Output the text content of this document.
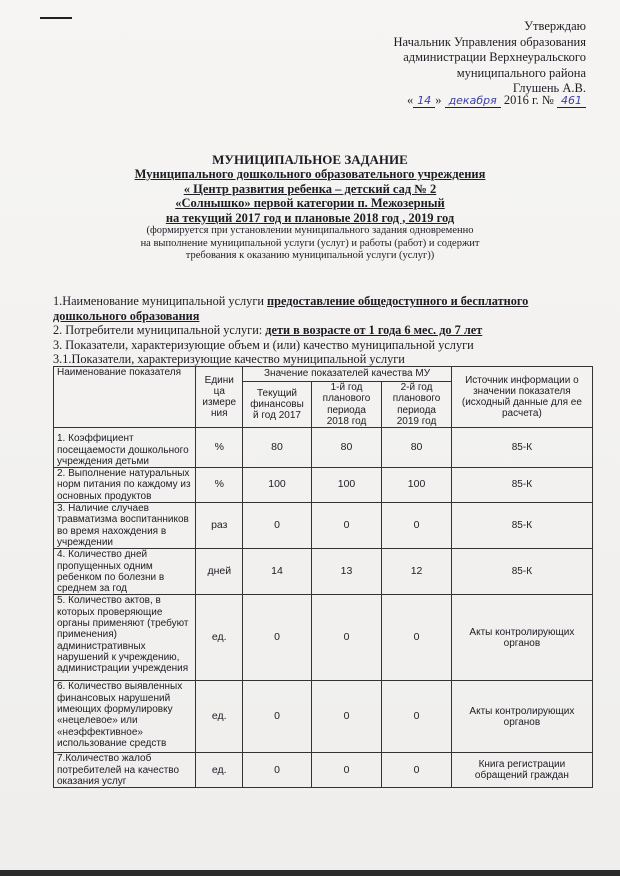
Утверждаю
Начальник Управления образования
администрации Верхнеуральского
муниципального района
Глушень А.В.
« 14 » декабря 2016 г. № 461
МУНИЦИПАЛЬНОЕ ЗАДАНИЕ
Муниципального дошкольного образовательного учреждения
« Центр развития ребенка – детский сад № 2
«Солнышко» первой категории п. Межозерный
на текущий 2017 год и плановые 2018 год , 2019 год
(формируется при установлении муниципального задания одновременно
на выполнение муниципальной услуги (услуг) и работы (работ) и содержит
требования к оказанию муниципальной услуги (услуг))
1.Наименование муниципальной услуги предоставление общедоступного и бесплатного дошкольного образования
2. Потребители муниципальной услуги: дети в возрасте от 1 года 6 мес. до 7 лет
3. Показатели, характеризующие объем и (или) качество муниципальной услуги
3.1.Показатели, характеризующие качество муниципальной услуги
Наименование показателя	Едини ца измере ния	Значение показателей качества МУ			Источник информации о значении показателя (исходный данные для ее расчета)
		Текущий финансовы й год 2017	1-й год планового периода 2018 год	2-й год планового периода 2019 год	
1. Коэффициент посещаемости дошкольного учреждения детьми	%	80	80	80	85-К
2. Выполнение натуральных норм питания по каждому из основных продуктов	%	100	100	100	85-К
3. Наличие случаев травматизма воспитанников во время нахождения в учреждении	раз	0	0	0	85-К
4. Количество дней пропущенных одним ребенком по болезни в среднем за год	дней	14	13	12	85-К
5. Количество актов, в которых проверяющие органы применяют (требуют применения) административных нарушений к учреждению, администрации учреждения	ед.	0	0	0	Акты контролирующих органов
6. Количество выявленных финансовых нарушений имеющих формулировку «нецелевое» или «неэффективное» использование средств	ед.	0	0	0	Акты контролирующих органов
7.Количество жалоб потребителей на качество оказания услуг	ед.	0	0	0	Книга регистрации обращений граждан
